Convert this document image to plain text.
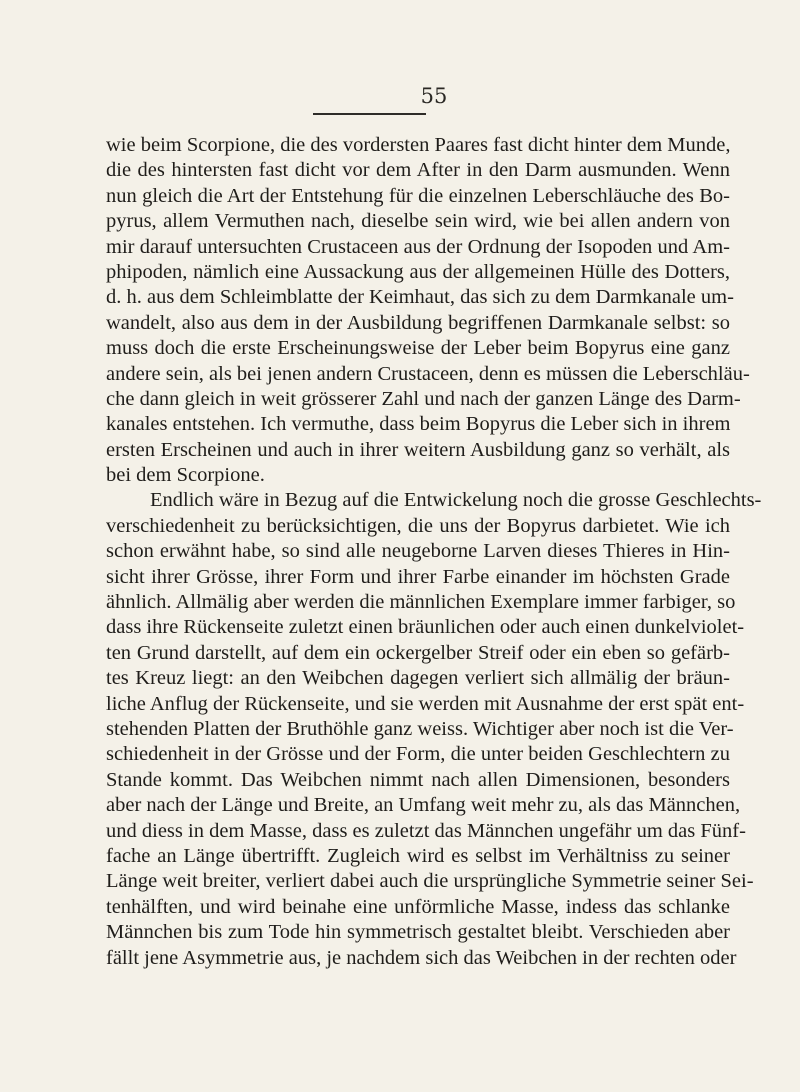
55
wie beim Scorpione, die des vordersten Paares fast dicht hinter dem Munde,
die des hintersten fast dicht vor dem After in den Darm ausmunden. Wenn
nun gleich die Art der Entstehung für die einzelnen Leberschläuche des Bo-
pyrus, allem Vermuthen nach, dieselbe sein wird, wie bei allen andern von
mir darauf untersuchten Crustaceen aus der Ordnung der Isopoden und Am-
phipoden, nämlich eine Aussackung aus der allgemeinen Hülle des Dotters,
d. h. aus dem Schleimblatte der Keimhaut, das sich zu dem Darmkanale um-
wandelt, also aus dem in der Ausbildung begriffenen Darmkanale selbst: so
muss doch die erste Erscheinungsweise der Leber beim Bopyrus eine ganz
andere sein, als bei jenen andern Crustaceen, denn es müssen die Leberschläu-
che dann gleich in weit grösserer Zahl und nach der ganzen Länge des Darm-
kanales entstehen. Ich vermuthe, dass beim Bopyrus die Leber sich in ihrem
ersten Erscheinen und auch in ihrer weitern Ausbildung ganz so verhält, als
bei dem Scorpione.
Endlich wäre in Bezug auf die Entwickelung noch die grosse Geschlechts-
verschiedenheit zu berücksichtigen, die uns der Bopyrus darbietet. Wie ich
schon erwähnt habe, so sind alle neugeborne Larven dieses Thieres in Hin-
sicht ihrer Grösse, ihrer Form und ihrer Farbe einander im höchsten Grade
ähnlich. Allmälig aber werden die männlichen Exemplare immer farbiger, so
dass ihre Rückenseite zuletzt einen bräunlichen oder auch einen dunkelviolet-
ten Grund darstellt, auf dem ein ockergelber Streif oder ein eben so gefärb-
tes Kreuz liegt: an den Weibchen dagegen verliert sich allmälig der bräun-
liche Anflug der Rückenseite, und sie werden mit Ausnahme der erst spät ent-
stehenden Platten der Bruthöhle ganz weiss. Wichtiger aber noch ist die Ver-
schiedenheit in der Grösse und der Form, die unter beiden Geschlechtern zu
Stande kommt. Das Weibchen nimmt nach allen Dimensionen, besonders
aber nach der Länge und Breite, an Umfang weit mehr zu, als das Männchen,
und diess in dem Masse, dass es zuletzt das Männchen ungefähr um das Fünf-
fache an Länge übertrifft. Zugleich wird es selbst im Verhältniss zu seiner
Länge weit breiter, verliert dabei auch die ursprüngliche Symmetrie seiner Sei-
tenhälften, und wird beinahe eine unförmliche Masse, indess das schlanke
Männchen bis zum Tode hin symmetrisch gestaltet bleibt. Verschieden aber
fällt jene Asymmetrie aus, je nachdem sich das Weibchen in der rechten oder
